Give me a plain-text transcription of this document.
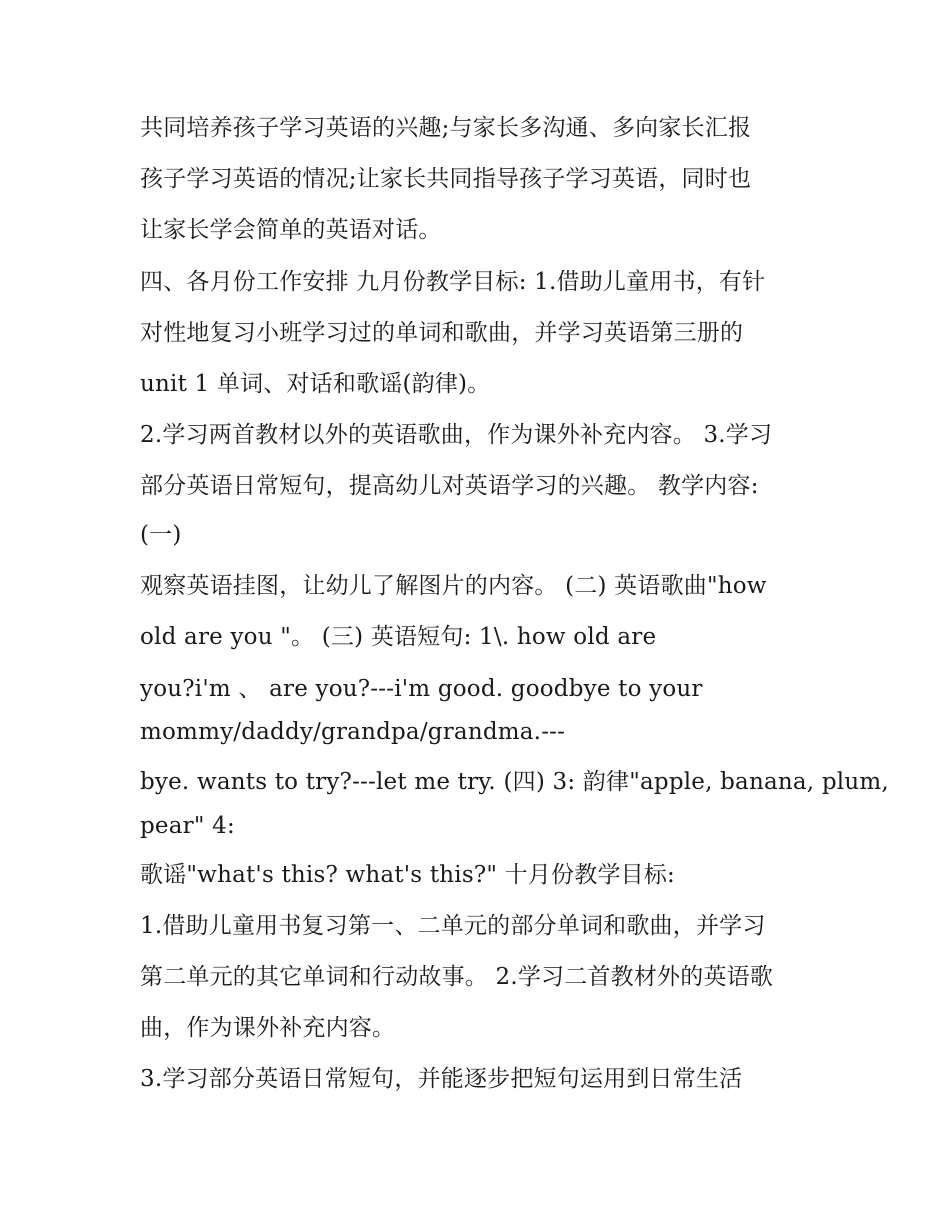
共同培养孩子学习英语的兴趣;与家长多沟通、多向家长汇报
孩子学习英语的情况;让家长共同指导孩子学习英语，同时也
让家长学会简单的英语对话。
四、各月份工作安排 九月份教学目标: 1.借助儿童用书，有针
对性地复习小班学习过的单词和歌曲，并学习英语第三册的
unit 1 单词、对话和歌谣(韵律)。
2.学习两首教材以外的英语歌曲，作为课外补充内容。 3.学习
部分英语日常短句，提高幼儿对英语学习的兴趣。 教学内容:
(一)
观察英语挂图，让幼儿了解图片的内容。 (二) 英语歌曲"how
old are you "。 (三) 英语短句: 1\. how old are
you?i'm 、 are you?---i'm good. goodbye to your
mommy/daddy/grandpa/grandma.---
bye. wants to try?---let me try. (四) 3: 韵律"apple, banana, plum,
pear" 4:
歌谣"what's this? what's this?" 十月份教学目标:
1.借助儿童用书复习第一、二单元的部分单词和歌曲，并学习
第二单元的其它单词和行动故事。 2.学习二首教材外的英语歌
曲，作为课外补充内容。
3.学习部分英语日常短句，并能逐步把短句运用到日常生活
